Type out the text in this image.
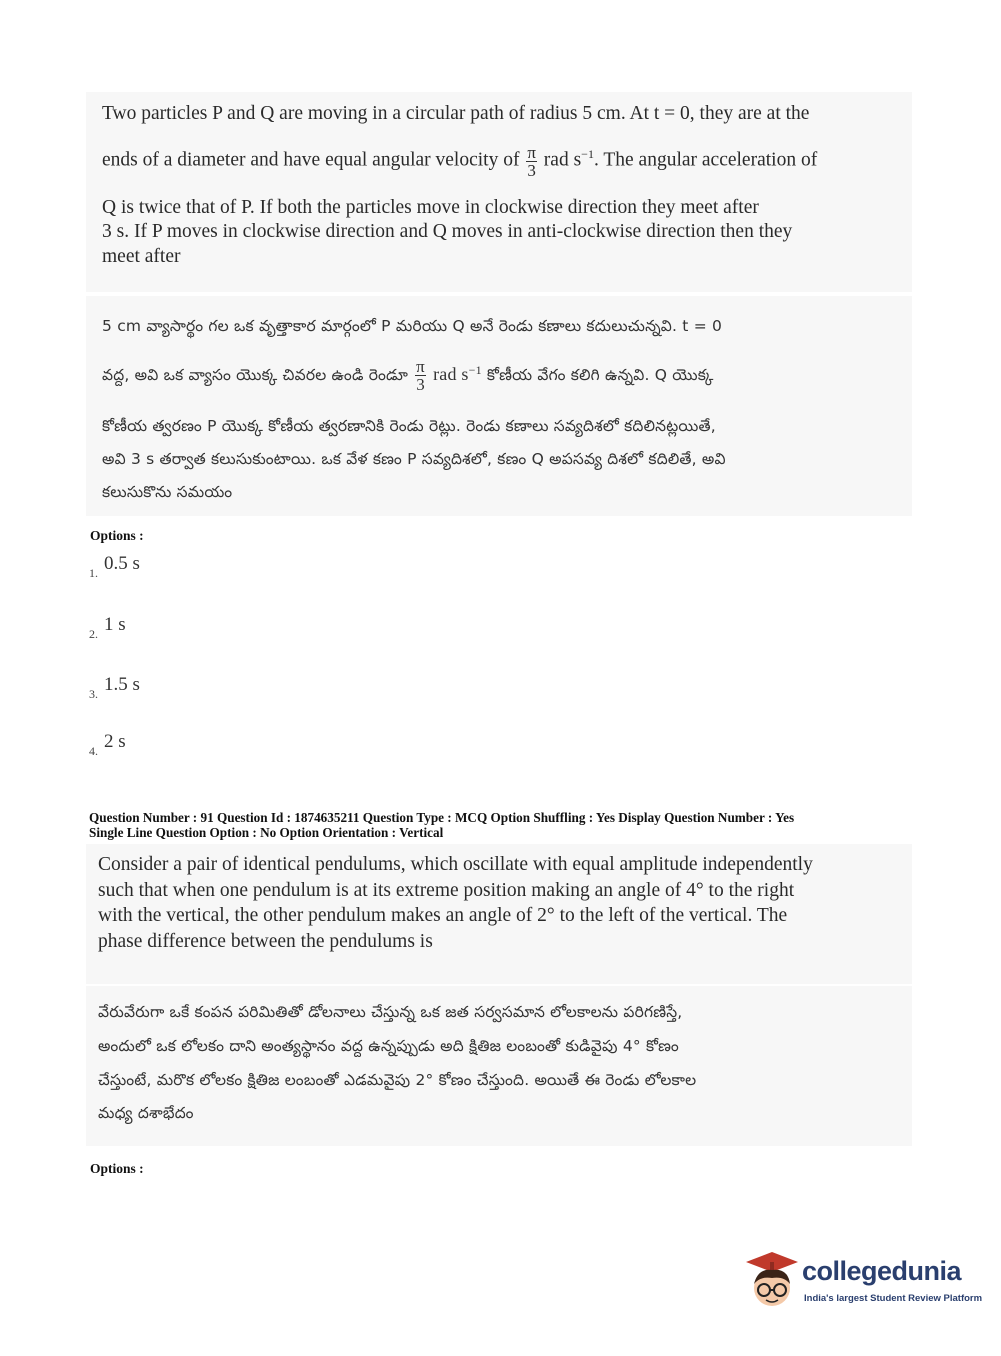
Two particles P and Q are moving in a circular path of radius 5 cm. At t = 0, they are at the
ends of a diameter and have equal angular velocity of $\frac{\pi}{3}$ rad $s^{-1}$. The angular acceleration of
Q is twice that of P. If both the particles move in clockwise direction they meet after
3 s. If P moves in clockwise direction and Q moves in anti-clockwise direction then they
meet after
5 cm వ్యాసార్థం గల ఒక వృత్తాకార మార్గంలో P మరియు Q అనే రెండు కణాలు కదులుచున్నవి. t = 0
వద్ద, అవి ఒక వ్యాసం యొక్క చివరల ఉండి రెండూ $\frac{\pi}{3}$ rad $s^{-1}$ కోణీయ వేగం కలిగి ఉన్నవి. Q యొక్క
కోణీయ త్వరణం P యొక్క కోణీయ త్వరణానికి రెండు రెట్లు. రెండు కణాలు సవ్యదిశలో కదిలినట్లయితే,
అవి 3 s తర్వాత కలుసుకుంటాయి. ఒక వేళ కణం P సవ్యదిశలో, కణం Q అపసవ్య దిశలో కదిలితే, అవి
కలుసుకొను సమయం
Options :
$_{1.}$ 0.5 s
$_{2.}$ 1 s
$_{3.}$ 1.5 s
$_{4.}$ 2 s
Question Number : 91 Question Id : 1874635211 Question Type : MCQ Option Shuffling : Yes Display Question Number : Yes
Single Line Question Option : No Option Orientation : Vertical
Consider a pair of identical pendulums, which oscillate with equal amplitude independently
such that when one pendulum is at its extreme position making an angle of 4° to the right
with the vertical, the other pendulum makes an angle of 2° to the left of the vertical. The
phase difference between the pendulums is
వేరువేరుగా ఒకే కంపన పరిమితితో డోలనాలు చేస్తున్న ఒక జత సర్వసమాన లోలకాలను పరిగణిస్తే,
అందులో ఒక లోలకం దాని అంత్యస్థానం వద్ద ఉన్నప్పుడు అది క్షితిజ లంబంతో కుడివైపు 4° కోణం
చేస్తుంటే, మరొక లోలకం క్షితిజ లంబంతో ఎడమవైపు 2° కోణం చేస్తుంది. అయితే ఈ రెండు లోలకాల
మధ్య దశాభేదం
Options :
collegedunia
India's largest Student Review Platform
